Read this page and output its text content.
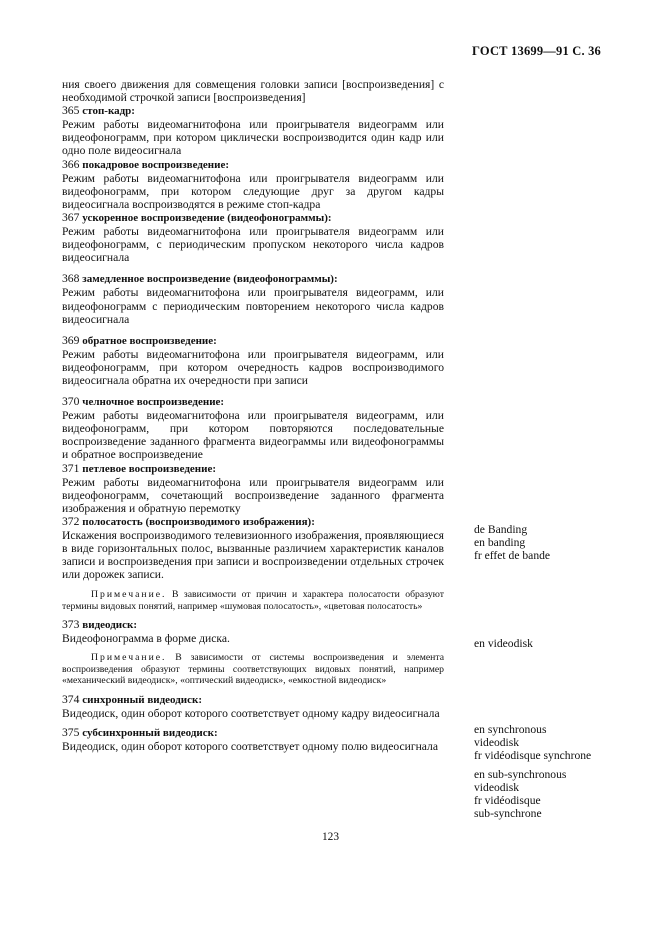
ГОСТ 13699—91 С. 36

ния своего движения для совмещения головки записи [воспроизведения] с необходимой строчкой записи [воспроизведения]

365 стоп-кадр:

Режим работы видеомагнитофона или проигрывателя видеограмм или видеофонограмм, при котором циклически воспроизводится один кадр или одно поле видеосигнала

366 покадровое воспроизведение:

Режим работы видеомагнитофона или проигрывателя видеограмм или видеофонограмм, при котором следующие друг за другом кадры видеосигнала воспроизводятся в режиме стоп-кадра

367 ускоренное воспроизведение (видеофонограммы):

Режим работы видеомагнитофона или проигрывателя видеограмм или видеофонограмм, с периодическим пропуском некоторого числа кадров видеосигнала

368 замедленное воспроизведение (видеофонограммы):

Режим работы видеомагнитофона или проигрывателя видеограмм, или видеофонограмм с периодическим повторением некоторого числа кадров видеосигнала

369 обратное воспроизведение:

Режим работы видеомагнитофона или проигрывателя видеограмм, или видеофонограмм, при котором очередность кадров воспроизводимого видеосигнала обратна их очередности при записи

370 челночное воспроизведение:

Режим работы видеомагнитофона или проигрывателя видеограмм, или видеофонограмм, при котором повторяются последовательные воспроизведение заданного фрагмента видеограммы или видеофонограммы и обратное воспроизведение

371 петлевое воспроизведение:

Режим работы видеомагнитофона или проигрывателя видеограмм или видеофонограмм, сочетающий воспроизведение заданного фрагмента изображения и обратную перемотку

372 полосатость (воспроизводимого изображения):

Искажения воспроизводимого телевизионного изображения, проявляющиеся в виде горизонтальных полос, вызванные различием характеристик каналов записи и воспроизведения при записи и воспроизведении отдельных строчек или дорожек записи.

Примечание. В зависимости от причин и характера полосатости образуют термины видовых понятий, например «шумовая полосатость», «цветовая полосатость»

373 видеодиск:

Видеофонограмма в форме диска.

Примечание. В зависимости от системы воспроизведения и элемента воспроизведения образуют термины соответствующих видовых понятий, например «механический видеодиск», «оптический видеодиск», «емкостной видеодиск»

374 синхронный видеодиск:

Видеодиск, один оборот которого соответствует одному кадру видеосигнала

375 субсинхронный видеодиск:

Видеодиск, один оборот которого соответствует одному полю видеосигнала

de Banding
en banding
fr effet de bande
en videodisk
en synchronous
videodisk
fr vidéodisque synchrone
en sub-synchronous
videodisk
fr vidéodisque
sub-synchrone
123
